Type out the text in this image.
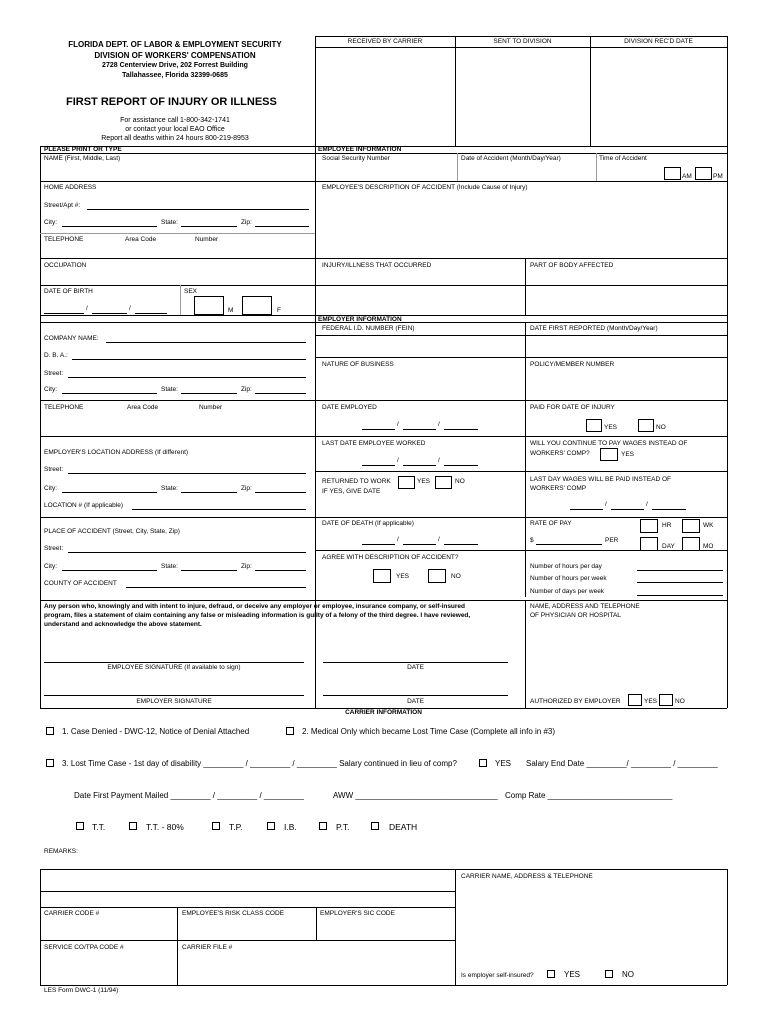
FLORIDA DEPT. OF LABOR & EMPLOYMENT SECURITY
DIVISION OF WORKERS' COMPENSATION
2728 Centerview Drive, 202 Forrest Building
Tallahassee, Florida 32399-0685
FIRST REPORT OF INJURY OR ILLNESS
For assistance call 1-800-342-1741
or contact your local EAO Office
Report all deaths within 24 hours 800-219-8953
RECEIVED BY CARRIER	SENT TO DIVISION	DIVISION REC'D DATE
PLEASE PRINT OR TYPE	EMPLOYEE INFORMATION
NAME (First, Middle, Last)	Social Security Number	Date of Accident (Month/Day/Year)	Time of Accident
AM	PM
HOME ADDRESS	EMPLOYEE'S DESCRIPTION OF ACCIDENT (Include Cause of Injury)
Street/Apt #:
City:	State:	Zip:
TELEPHONE	Area Code	Number
OCCUPATION	INJURY/ILLNESS THAT OCCURRED	PART OF BODY AFFECTED
DATE OF BIRTH	SEX
/	/	M	F
EMPLOYER INFORMATION
FEDERAL I.D. NUMBER (FEIN)	DATE FIRST REPORTED (Month/Day/Year)
COMPANY NAME:
D. B. A.:
NATURE OF BUSINESS	POLICY/MEMBER NUMBER
Street:
City:	State:	Zip:
TELEPHONE	Area Code	Number	DATE EMPLOYED
/	/
PAID FOR DATE OF INJURY
YES	NO
LAST DATE EMPLOYEE WORKED
/	/
WILL YOU CONTINUE TO PAY WAGES INSTEAD OF
WORKERS' COMP?	YES
EMPLOYER'S LOCATION ADDRESS (If different)
Street:
City:	State:	Zip:
LOCATION # (If applicable)
RETURNED TO WORK
IF YES, GIVE DATE
YES	NO	LAST DAY WAGES WILL BE PAID INSTEAD OF
WORKERS' COMP
/	/
DATE OF DEATH (If applicable)
/	/
RATE OF PAY	HR	WK
$	PER
DAY	MO
PLACE OF ACCIDENT (Street, City, State, Zip)
Street:
City:	State:	Zip:
COUNTY OF ACCIDENT
AGREE WITH DESCRIPTION OF ACCIDENT?
YES	NO
Number of hours per day
Number of hours per week
Number of days per week
Any person who, knowingly and with intent to injure, defraud, or deceive any employer or employee, insurance company, or self-insured
program, files a statement of claim containing any false or misleading information is guilty of a felony of the third degree. I have reviewed,
understand and acknowledge the above statement.
NAME, ADDRESS AND TELEPHONE
OF PHYSICIAN OR HOSPITAL
EMPLOYEE SIGNATURE (If available to sign)	DATE
EMPLOYER SIGNATURE	DATE	AUTHORIZED BY EMPLOYER	YES	NO
CARRIER INFORMATION
1. Case Denied - DWC-12, Notice of Denial Attached	2. Medical Only which became Lost Time Case (Complete all info in #3)
3. Lost Time Case - 1st day of disability _________ / _________ / _________ Salary continued in lieu of comp?	YES Salary End Date _________/ _________ / _________
Date First Payment Mailed _________ / _________ / _________	AWW ________________________________ Comp Rate ____________________________
T.T.	T.T. - 80%	T.P.	I.B.	P.T.	DEATH
REMARKS:
CARRIER NAME, ADDRESS & TELEPHONE
CARRIER CODE #	EMPLOYEE'S RISK CLASS CODE	EMPLOYER'S SIC CODE
SERVICE CO/TPA CODE #	CARRIER FILE #
Is employer self-insured?	YES	NO
LES Form DWC-1 (11/94)
